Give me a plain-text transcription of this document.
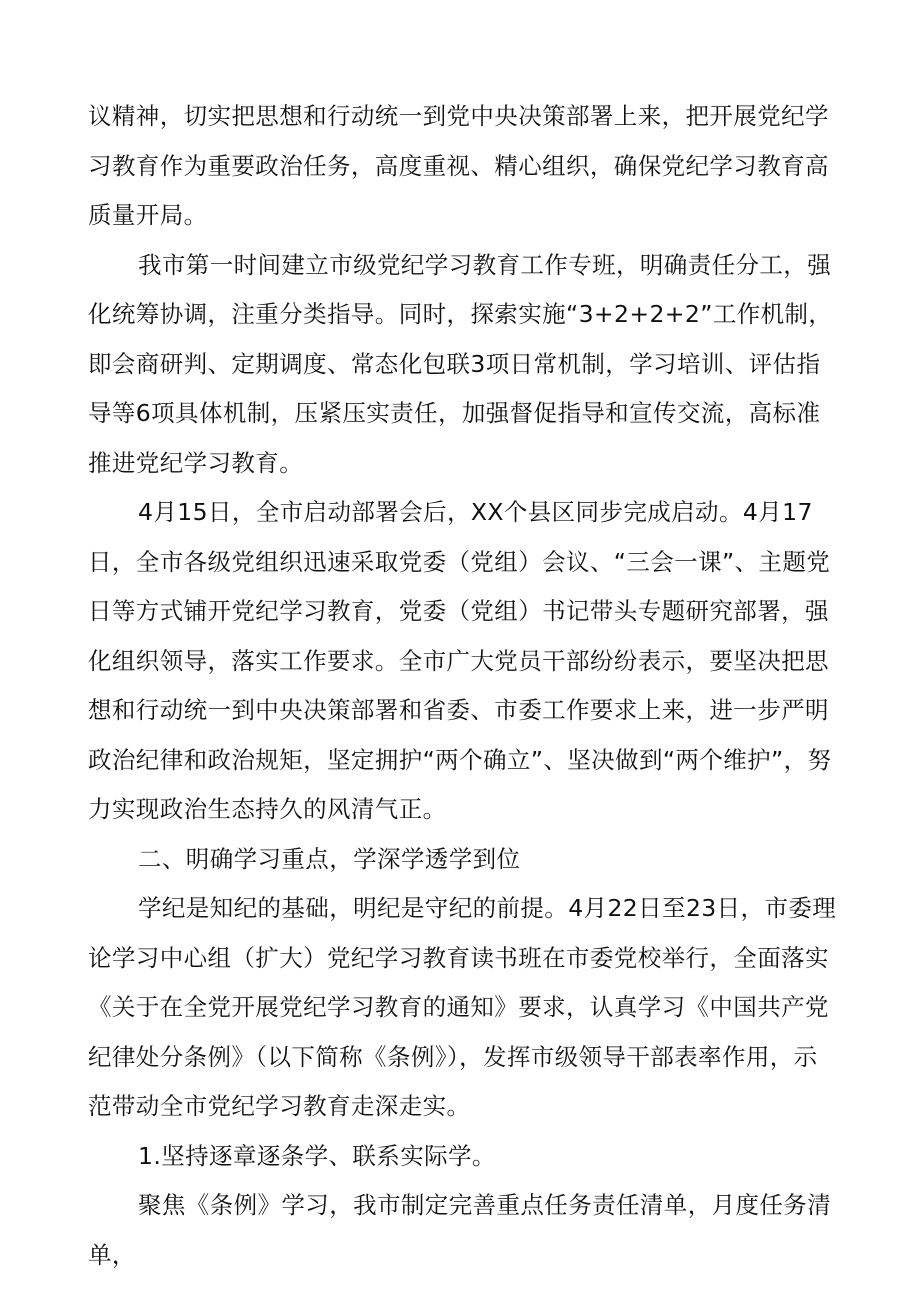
议精神，切实把思想和行动统一到党中央决策部署上来，把开展党纪学习教育作为重要政治任务，高度重视、精心组织，确保党纪学习教育高质量开局。

我市第一时间建立市级党纪学习教育工作专班，明确责任分工，强化统筹协调，注重分类指导。同时，探索实施“3+2+2+2”工作机制，即会商研判、定期调度、常态化包联3项日常机制，学习培训、评估指导等6项具体机制，压紧压实责任，加强督促指导和宣传交流，高标准推进党纪学习教育。

4月15日，全市启动部署会后，XX个县区同步完成启动。4月17日，全市各级党组织迅速采取党委（党组）会议、“三会一课”、主题党日等方式铺开党纪学习教育，党委（党组）书记带头专题研究部署，强化组织领导，落实工作要求。全市广大党员干部纷纷表示，要坚决把思想和行动统一到中央决策部署和省委、市委工作要求上来，进一步严明政治纪律和政治规矩，坚定拥护“两个确立”、坚决做到“两个维护”，努力实现政治生态持久的风清气正。

二、明确学习重点，学深学透学到位

学纪是知纪的基础，明纪是守纪的前提。4月22日至23日，市委理论学习中心组（扩大）党纪学习教育读书班在市委党校举行，全面落实《关于在全党开展党纪学习教育的通知》要求，认真学习《中国共产党纪律处分条例》（以下简称《条例》），发挥市级领导干部表率作用，示范带动全市党纪学习教育走深走实。

1.坚持逐章逐条学、联系实际学。

聚焦《条例》学习，我市制定完善重点任务责任清单，月度任务清单，
